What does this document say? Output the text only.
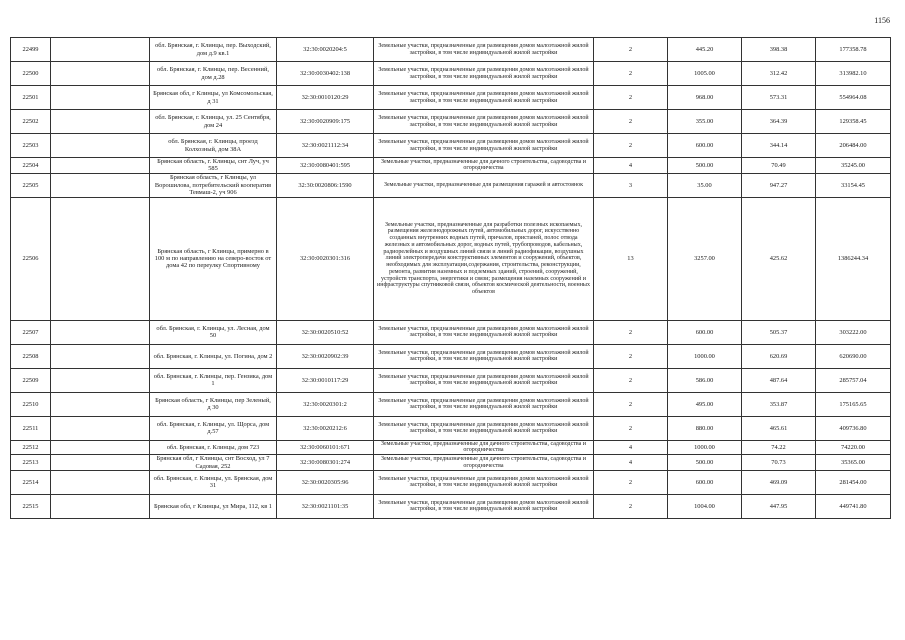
1156
22499		обл. Брянская, г. Клинцы, пер. Выходский, дом д.9 кв.1	32:30:0020204:5	Земельные участки, предназначенные для размещения домов малоэтажной жилой застройки, в том числе индивидуальной жилой застройки	2	445.20	398.38	177358.78
22500		обл. Брянская, г. Клинцы, пер. Весенний, дом д.28	32:30:0030402:138	Земельные участки, предназначенные для размещения домов малоэтажной жилой застройки, в том числе индивидуальной жилой застройки	2	1005.00	312.42	313982.10
22501		Брянская обл, г Клинцы, ул Комсомольская, д 31	32:30:0010120:29	Земельные участки, предназначенные для размещения домов малоэтажной жилой застройки, в том числе индивидуальной жилой застройки	2	968.00	573.31	554964.08
22502		обл. Брянская, г. Клинцы, ул. 25 Сентября, дом 24	32:30:0020909:175	Земельные участки, предназначенные для размещения домов малоэтажной жилой застройки, в том числе индивидуальной жилой застройки	2	355.00	364.39	129358.45
22503		обл. Брянская, г. Клинцы, проезд Колхозный, дом 38А	32:30:0021112:34	Земельные участки, предназначенные для размещения домов малоэтажной жилой застройки, в том числе индивидуальной жилой застройки	2	600.00	344.14	206484.00
22504		Брянская область, г. Клинцы, снт Луч, уч 585	32:30:0080401:595	Земельные участки, предназначенные для дачного строительства, садоводства и огородничества	4	500.00	70.49	35245.00
22505		Брянская область, г Клинцы, ул Ворошилова, потребительский кооператив Тевмаш-2, уч 906	32:30:0020806:1590	Земельные участки, предназначенные для размещения гаражей и автостоянок	3	35.00	947.27	33154.45
22506		Брянская область, г Клинцы, примерно в 100 м по направлению на северо-восток от дома 42 по переулку Спортивному	32:30:0020301:316	Земельные участки, предназначенные для разработки полезных ископаемых, размещения железнодорожных путей, автомобильных дорог, искусственно созданных внутренних водных путей, причалов, пристаней, полос отвода железных и автомобильных дорог, водных путей, трубопроводов, кабельных, радиорелейных и воздушных линий связи и линий радиофикации, воздушных линий электропередачи конструктивных элементов и сооружений, объектов, необходимых для эксплуатации,содержания, строительства, реконструкции, ремонта, развития наземных и подземных зданий, строений, сооружений, устройств транспорта, энергетики и связи; размещения наземных сооружений и инфраструктуры спутниковой связи, объектов космической деятельности, военных объектов	13	3257.00	425.62	1386244.34
22507		обл. Брянская, г. Клинцы, ул. Лесная, дом 50	32:30:0020510:52	Земельные участки, предназначенные для размещения домов малоэтажной жилой застройки, в том числе индивидуальной жилой застройки	2	600.00	505.37	303222.00
22508		обл. Брянская, г. Клинцы, ул. Погина, дом 2	32:30:0020902:39	Земельные участки, предназначенные для размещения домов малоэтажной жилой застройки, в том числе индивидуальной жилой застройки	2	1000.00	620.69	620690.00
22509		обл. Брянская, г. Клинцы, пер. Гензика, дом 1	32:30:0010117:29	Земельные участки, предназначенные для размещения домов малоэтажной жилой застройки, в том числе индивидуальной жилой застройки	2	586.00	487.64	285757.04
22510		Брянская область, г Клинцы, пер Зеленый, д 30	32:30:0020301:2	Земельные участки, предназначенные для размещения домов малоэтажной жилой застройки, в том числе индивидуальной жилой застройки	2	495.00	353.87	175165.65
22511		обл. Брянская, г. Клинцы, ул. Щорса, дом д.57	32:30:0020212:6	Земельные участки, предназначенные для размещения домов малоэтажной жилой застройки, в том числе индивидуальной жилой застройки	2	880.00	465.61	409736.80
22512		обл. Брянская, г. Клинцы, дом 723	32:30:0060101:671	Земельные участки, предназначенные для дачного строительства, садоводства и огородничества	4	1000.00	74.22	74220.00
22513		Брянская обл, г Клинцы, снт Восход, ул 7 Садовая, 252	32:30:0080301:274	Земельные участки, предназначенные для дачного строительства, садоводства и огородничества	4	500.00	70.73	35365.00
22514		обл. Брянская, г. Клинцы, ул. Брянская, дом 31	32:30:0020305:96	Земельные участки, предназначенные для размещения домов малоэтажной жилой застройки, в том числе индивидуальной жилой застройки	2	600.00	469.09	281454.00
22515		Брянская обл, г Клинцы, ул Мира, 112, кв 1	32:30:0021101:35	Земельные участки, предназначенные для размещения домов малоэтажной жилой застройки, в том числе индивидуальной жилой застройки	2	1004.00	447.95	449741.80
